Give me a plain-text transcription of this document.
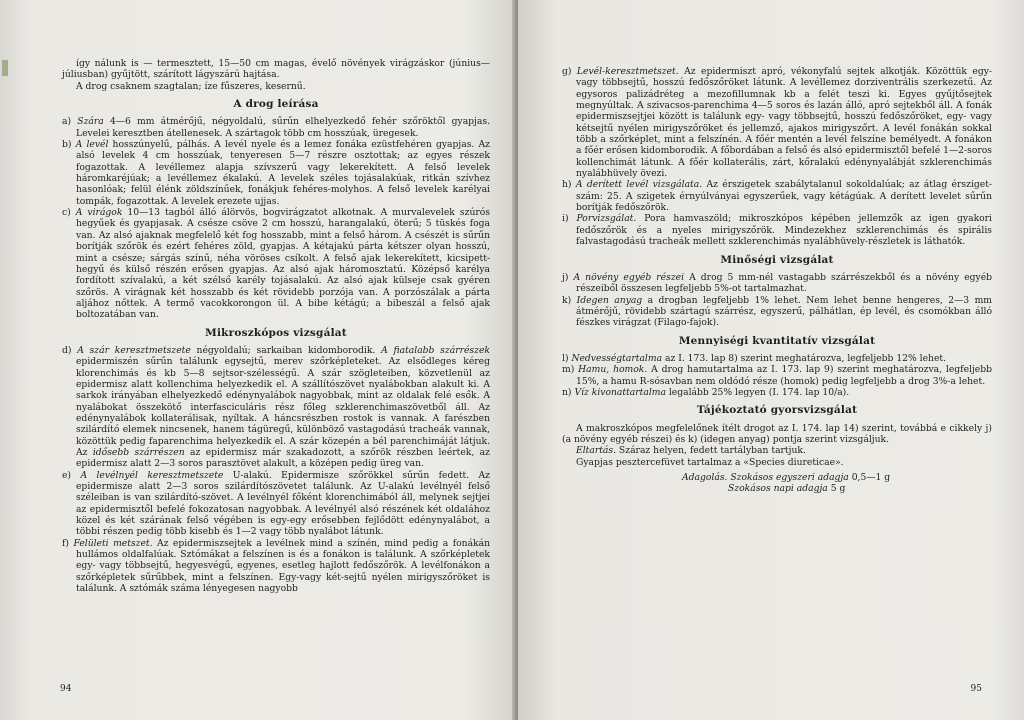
így nálunk is — termesztett, 15—50 cm magas, évelő növények virágzáskor (június—júliusban) gyűjtött, szárított lágyszárú hajtása.

A drog csaknem szagtalan; íze fűszeres, kesernű.

A drog leírása

a) Szára 4—6 mm átmérőjű, négyoldalú, sűrűn elhelyezkedő fehér szőröktől gyapjas. Levelei keresztben átellenesek. A szártagok több cm hosszúak, üregesek.

b) A levél hosszúnyelű, pálhás. A levél nyele és a lemez fonáka ezüstfehéren gyapjas. Az alsó levelek 4 cm hosszúak, tenyeresen 5—7 részre osztottak; az egyes részek fogazottak. A levéllemez alapja szívszerű vagy lekerekített. A felső levelek háromkaréjúak; a levéllemez ékalakú. A levelek széles tojásalakúak, ritkán szívhez hasonlóak; felül élénk zöldszínűek, fonákjuk fehéres-molyhos. A felső levelek karélyai tompák, fogazottak. A levelek erezete ujjas.

c) A virágok 10—13 tagból álló álörvös, bogvirágzatot alkotnak. A murvalevelek szúrós hegyűek és gyapjasak. A csésze csöve 2 cm hosszú, harangalakú, öterű; 5 tüskés foga van. Az alsó ajaknak megfelelő két fog hosszabb, mint a felső három. A csészét is sűrűn borítják szőrök és ezért fehéres zöld, gyapjas. A kétajakú párta kétszer olyan hosszú, mint a csésze; sárgás színű, néha vöröses csíkolt. A felső ajak lekerekített, kicsipett-hegyű és külső részén erősen gyapjas. Az alsó ajak háromosztatú. Középső karélya fordított szívalakú, a két szélső karély tojásalakú. Az alsó ajak külseje csak gyéren szőrös. A virágnak két hosszabb és két rövidebb porzója van. A porzószálak a párta aljához nőttek. A termő vacokkorongon ül. A bibe kétágú; a bibeszál a felső ajak boltozatában van.

Mikroszkópos vizsgálat

d) A szár keresztmetszete négyoldalú; sarkaiban kidomborodik. A fiatalabb szárrészek epidermiszén sűrűn találunk egysejtű, merev szőrképleteket. Az elsődleges kéreg klorenchimás és kb 5—8 sejtsor-szélességű. A szár szögleteiben, közvetlenül az epidermisz alatt kollenchima helyezkedik el. A szállítószövet nyalábokban alakult ki. A sarkok irányában elhelyezkedő edénynyalábok nagyobbak, mint az oldalak felé esők. A nyalábokat összekötő interfasciculáris rész főleg szklerenchimaszövetből áll. Az edénynyalábok kollaterálisak, nyíltak. A háncsrészben rostok is vannak. A farészben szilárdító elemek nincsenek, hanem tágüregű, különböző vastagodású tracheák vannak, közöttük pedig faparenchima helyezkedik el. A szár közepén a bél parenchimáját látjuk. Az idősebb szárrészen az epidermisz már szakadozott, a szőrök részben leértek, az epidermisz alatt 2—3 soros parasztövet alakult, a középen pedig üreg van.

e) A levélnyél keresztmetszete U-alakú. Epidermisze szőrökkel sűrűn fedett. Az epidermisze alatt 2—3 soros szilárdítószövetet találunk. Az U-alakú levélnyél felső széleiban is van szilárdító-szövet. A levélnyél főként klorenchimából áll, melynek sejtjei az epidermisztől befelé fokozatosan nagyobbak. A levélnyél alsó részének két oldalához közel és két szárának felső végében is egy-egy erősebben fejlődött edénynyalábot, a többi részen pedig több kisebb és 1—2 vagy több nyalábot látunk.

f) Felületi metszet. Az epidermiszsejtek a levélnek mind a színén, mind pedig a fonákán hullámos oldalfalúak. Sztómákat a felszínen is és a fonákon is találunk. A szőrképletek egy- vagy többsejtű, hegyesvégű, egyenes, esetleg hajlott fedőszőrök. A levélfonákon a szőrképletek sűrűbbek, mint a felszínen. Egy-vagy két-sejtű nyélen mirigyszőröket is találunk. A sztómák száma lényegesen nagyobb

94

g) Levél-keresztmetszet. Az epidermiszt apró, vékonyfalú sejtek alkotják. Közöttük egy- vagy többsejtű, hosszú fedőszőröket látunk. A levéllemez dorziventrális szerkezetű. Az egysoros palizádréteg a mezofillumnak kb a felét teszi ki. Egyes gyűjtősejtek megnyúltak. A szivacsos-parenchima 4—5 soros és lazán álló, apró sejtekből áll. A fonák epidermiszsejtjei között is találunk egy- vagy többsejtű, hosszú fedőszőröket, egy- vagy kétsejtű nyélen mirigyszőröket és jellemző, ajakos mirigyszőrt. A levél fonákán sokkal több a szőrképlet, mint a felszínén. A főér mentén a levél felszíne bemélyedt. A fonákon a főér erősen kidomborodik. A főbordában a felső és alsó epidermisztől befelé 1—2-soros kollenchimát látunk. A főér kollaterális, zárt, kőralakú edénynyalábját szklerenchimás nyalábhüvely övezi.

h) A derített levél vizsgálata. Az érszigetek szabálytalanul sokoldalúak; az átlag érsziget-szám: 25. A szigetek érnyúlványai egyszerűek, vagy kétágúak. A derített levelet sűrűn borítják fedőszőrök.

i) Porvizsgálat. Pora hamvaszöld; mikroszkópos képében jellemzők az igen gyakori fedőszőrök és a nyeles mirigyszőrök. Mindezekhez szklerenchimás és spirális falvastagodású tracheák mellett szklerenchimás nyalábhüvely-részletek is láthatók.

Minőségi vizsgálat

j) A növény egyéb részei A drog 5 mm-nél vastagabb szárrészekből és a növény egyéb részeiből összesen legfeljebb 5%-ot tartalmazhat.

k) Idegen anyag a drogban legfeljebb 1% lehet. Nem lehet benne hengeres, 2—3 mm átmérőjű, rövidebb szártagú szárrész, egyszerű, pálhátlan, ép levél, és csomókban álló fészkes virágzat (Filago-fajok).

Mennyiségi kvantitatív vizsgálat

l) Nedvességtartalma az I. 173. lap 8) szerint meghatározva, legfeljebb 12% lehet.

m) Hamu, homok. A drog hamutartalma az I. 173. lap 9) szerint meghatározva, legfeljebb 15%, a hamu R-sósavban nem oldódó része (homok) pedig legfeljebb a drog 3%-a lehet.

n) Víz kivonattartalma legalább 25% legyen (I. 174. lap 10/a).

Tájékoztató gyorsvizsgálat

A makroszkópos megfelelőnek ítélt drogot az I. 174. lap 14) szerint, továbbá e cikkely j) (a növény egyéb részei) és k) (idegen anyag) pontja szerint vizsgáljuk.

Eltartás. Száraz helyen, fedett tartályban tartjuk.

Gyapjas pesztercefüvet tartalmaz a «Species diureticae».

Adagolás. Szokásos egyszeri adagja 0,5—1 g
Szokásos napi adagja 5 g
95
